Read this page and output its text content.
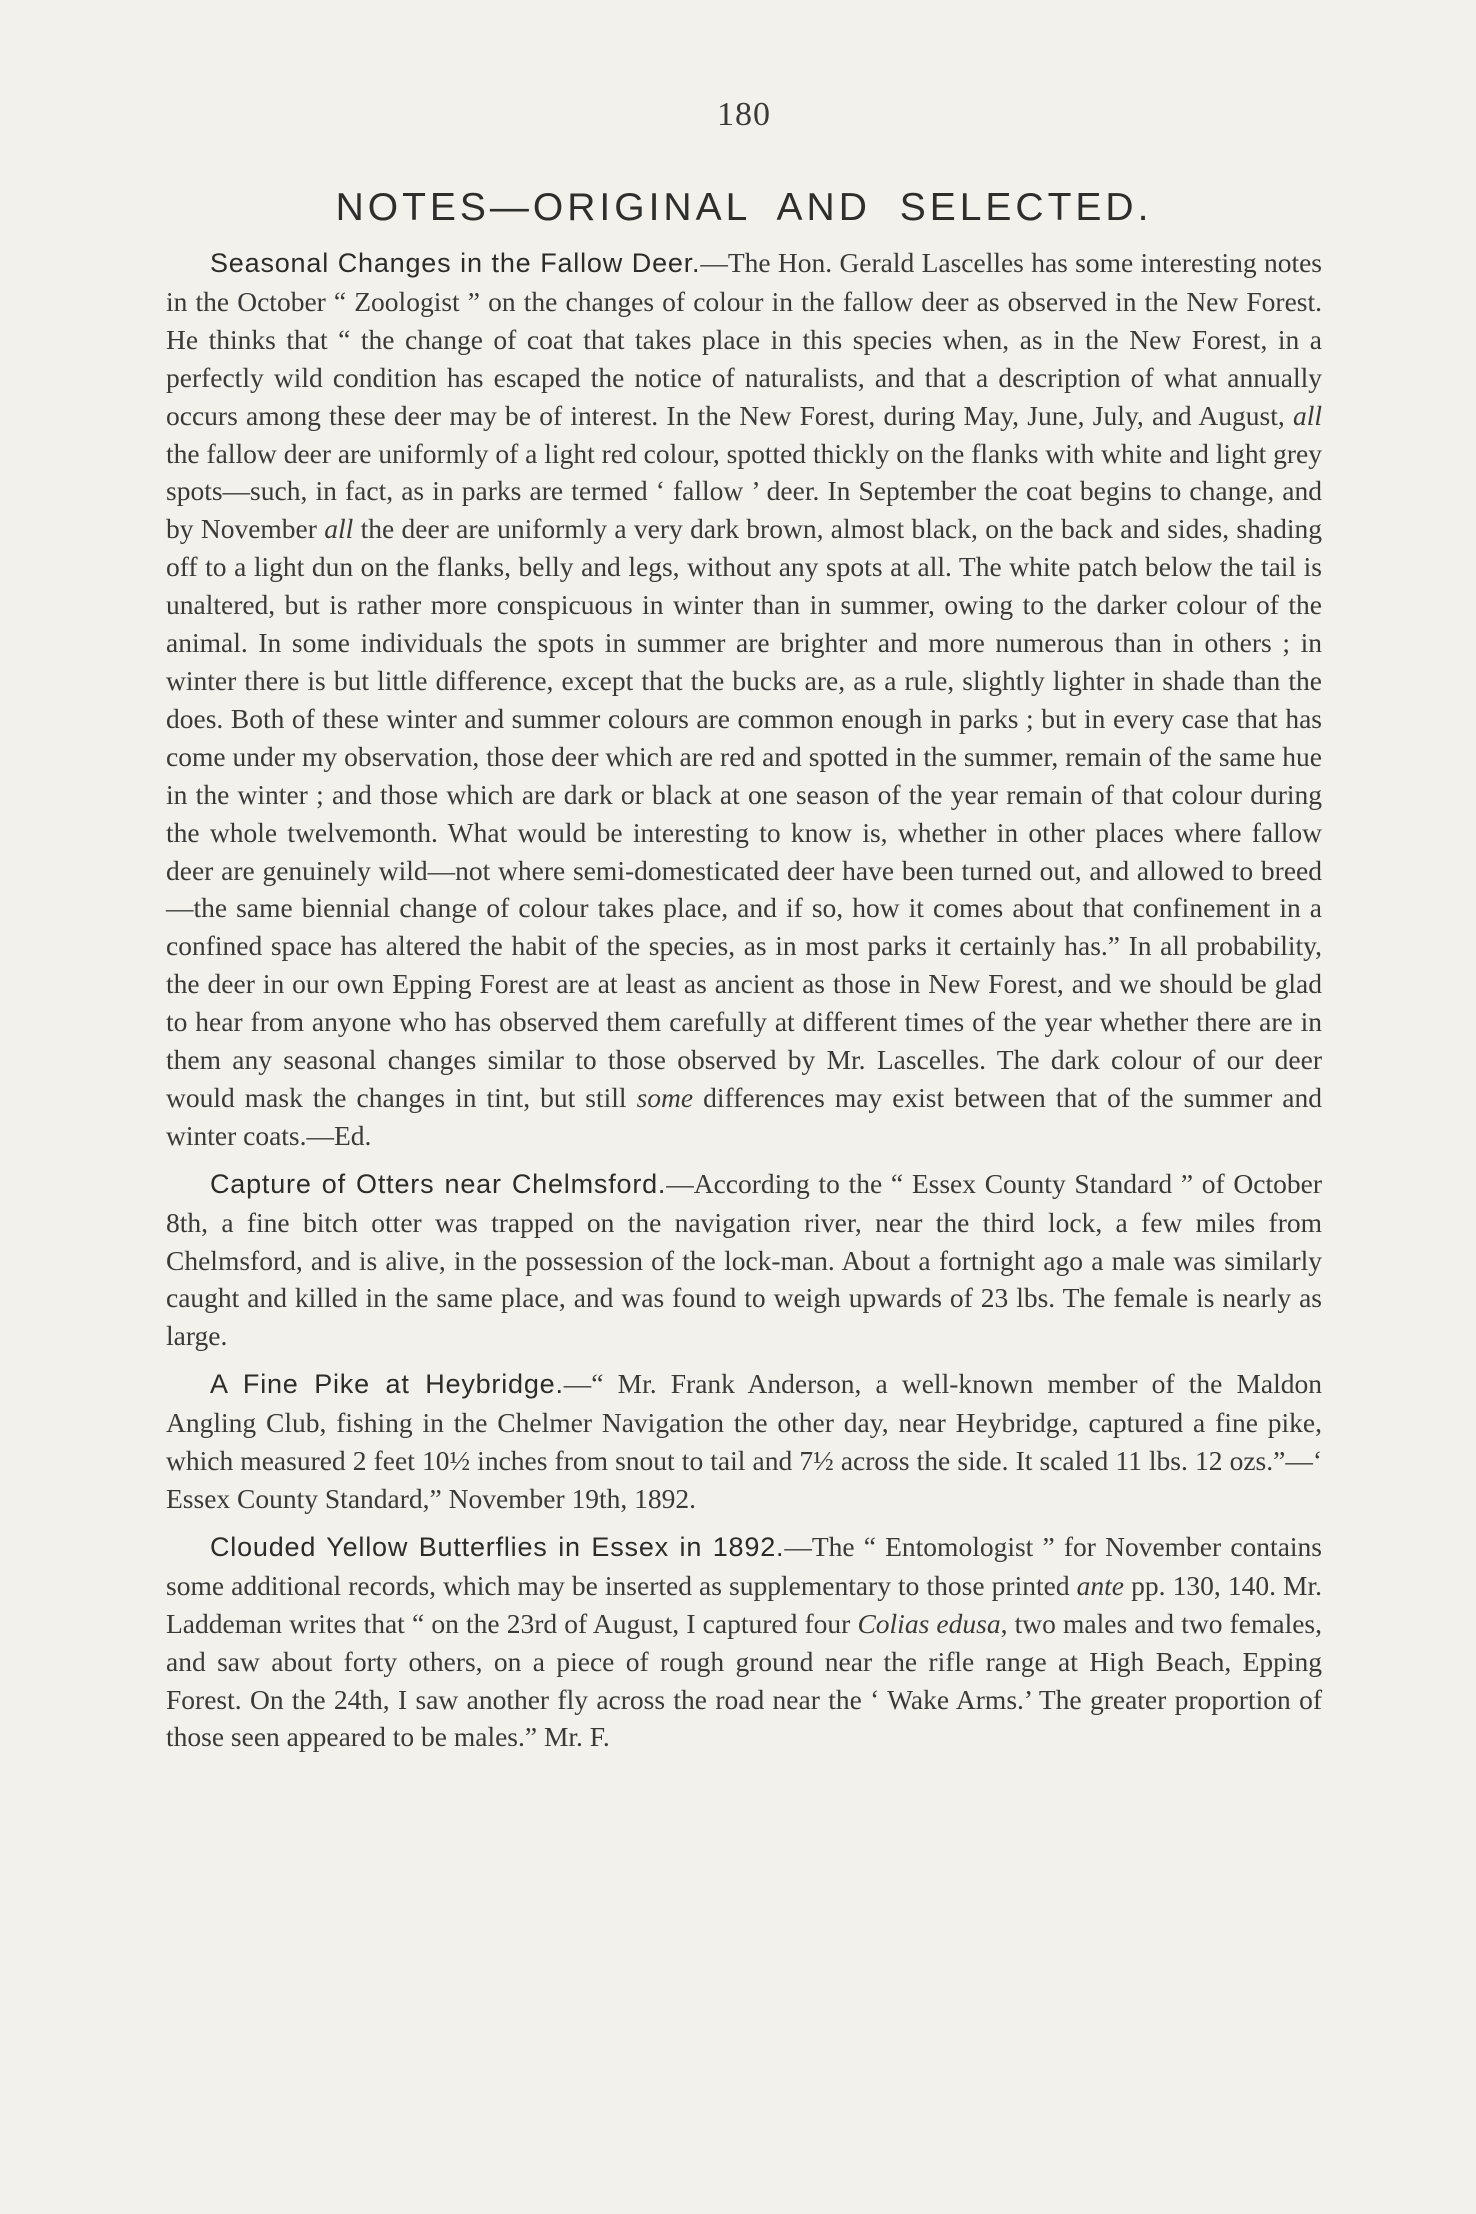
180
NOTES—ORIGINAL AND SELECTED.

Seasonal Changes in the Fallow Deer.—The Hon. Gerald Lascelles has some interesting notes in the October “ Zoologist ” on the changes of colour in the fallow deer as observed in the New Forest. He thinks that “ the change of coat that takes place in this species when, as in the New Forest, in a perfectly wild condition has escaped the notice of naturalists, and that a description of what annually occurs among these deer may be of interest. In the New Forest, during May, June, July, and August, all the fallow deer are uniformly of a light red colour, spotted thickly on the flanks with white and light grey spots—such, in fact, as in parks are termed ‘ fallow ’ deer. In September the coat begins to change, and by November all the deer are uniformly a very dark brown, almost black, on the back and sides, shading off to a light dun on the flanks, belly and legs, without any spots at all. The white patch below the tail is unaltered, but is rather more conspicuous in winter than in summer, owing to the darker colour of the animal. In some individuals the spots in summer are brighter and more numerous than in others ; in winter there is but little difference, except that the bucks are, as a rule, slightly lighter in shade than the does. Both of these winter and summer colours are common enough in parks ; but in every case that has come under my observation, those deer which are red and spotted in the summer, remain of the same hue in the winter ; and those which are dark or black at one season of the year remain of that colour during the whole twelvemonth. What would be interesting to know is, whether in other places where fallow deer are genuinely wild—not where semi-domesticated deer have been turned out, and allowed to breed—the same biennial change of colour takes place, and if so, how it comes about that confinement in a confined space has altered the habit of the species, as in most parks it certainly has.” In all probability, the deer in our own Epping Forest are at least as ancient as those in New Forest, and we should be glad to hear from anyone who has observed them carefully at different times of the year whether there are in them any seasonal changes similar to those observed by Mr. Lascelles. The dark colour of our deer would mask the changes in tint, but still some differences may exist between that of the summer and winter coats.—Ed.

Capture of Otters near Chelmsford.—According to the “ Essex County Standard ” of October 8th, a fine bitch otter was trapped on the navigation river, near the third lock, a few miles from Chelmsford, and is alive, in the possession of the lock-man. About a fortnight ago a male was similarly caught and killed in the same place, and was found to weigh upwards of 23 lbs. The female is nearly as large.

A Fine Pike at Heybridge.—“ Mr. Frank Anderson, a well-known member of the Maldon Angling Club, fishing in the Chelmer Navigation the other day, near Heybridge, captured a fine pike, which measured 2 feet 10½ inches from snout to tail and 7½ across the side. It scaled 11 lbs. 12 ozs.”—‘ Essex County Standard,” November 19th, 1892.

Clouded Yellow Butterflies in Essex in 1892.—The “ Entomologist ” for November contains some additional records, which may be inserted as supplementary to those printed ante pp. 130, 140. Mr. Laddeman writes that “ on the 23rd of August, I captured four Colias edusa, two males and two females, and saw about forty others, on a piece of rough ground near the rifle range at High Beach, Epping Forest. On the 24th, I saw another fly across the road near the ‘ Wake Arms.’ The greater proportion of those seen appeared to be males.” Mr. F.
